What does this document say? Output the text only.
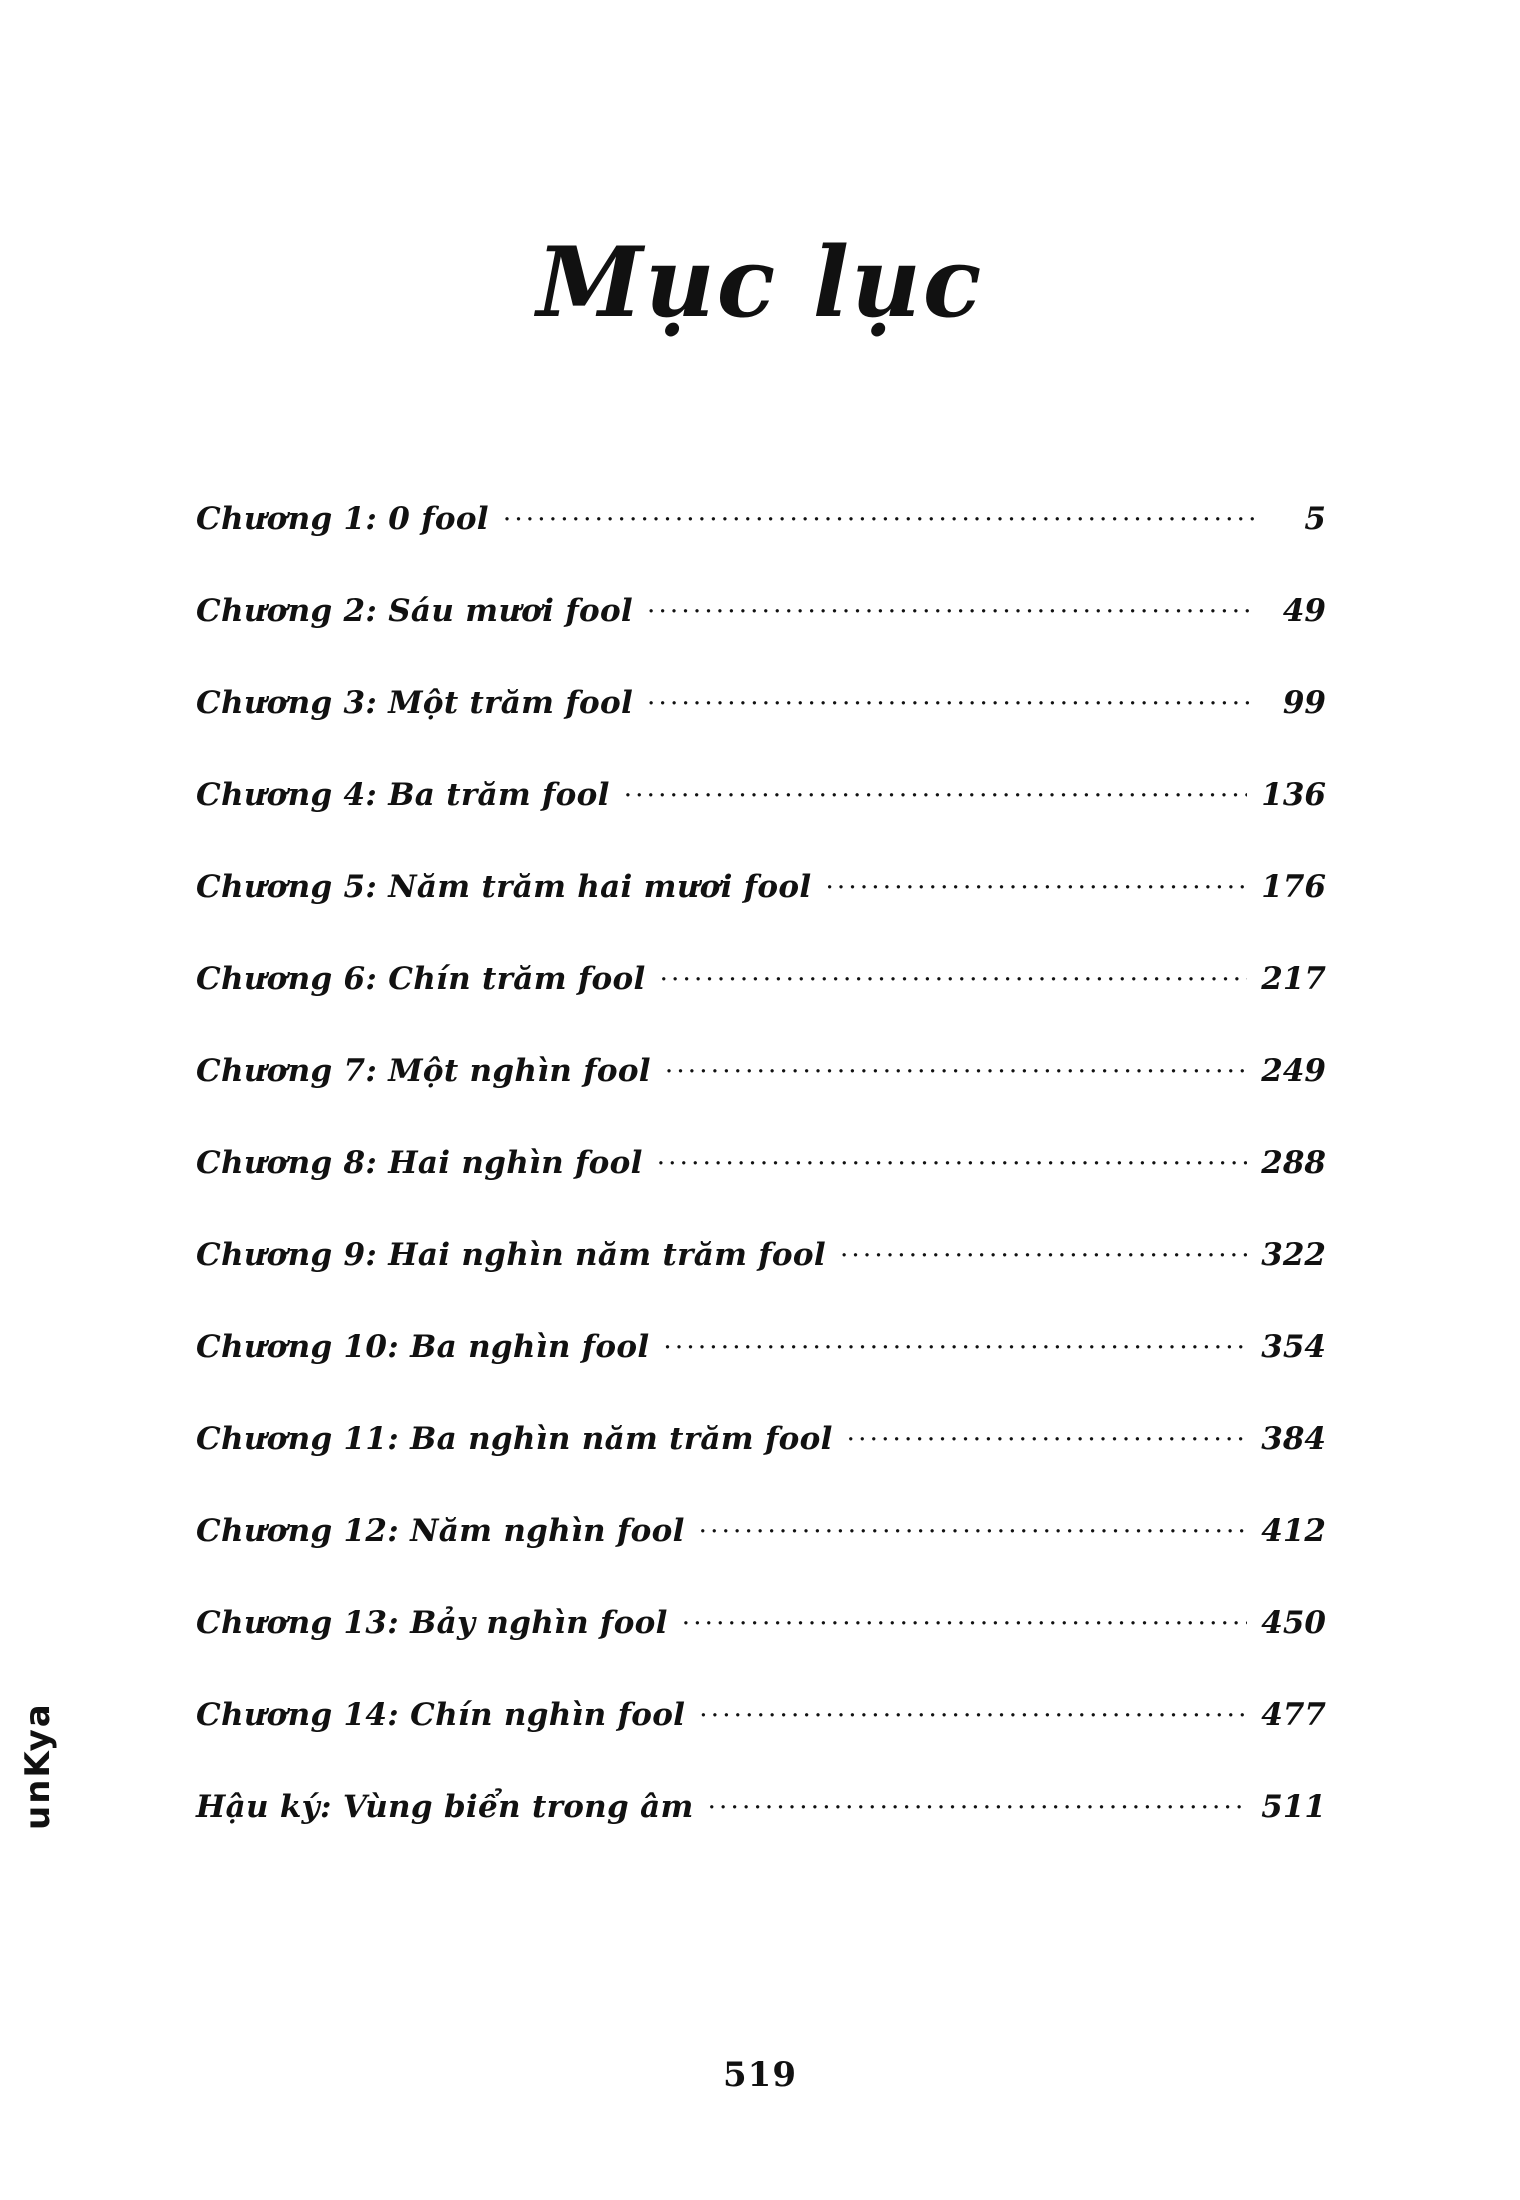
Mục lục
Chương 1: 0 fool .....	5
Chương 2: Sáu mươi fool .....	49
Chương 3: Một trăm fool .....	99
Chương 4: Ba trăm fool .....	136
Chương 5: Năm trăm hai mươi fool .....	176
Chương 6: Chín trăm fool .....	217
Chương 7: Một nghìn fool .....	249
Chương 8: Hai nghìn fool .....	288
Chương 9: Hai nghìn năm trăm fool .....	322
Chương 10: Ba nghìn fool .....	354
Chương 11: Ba nghìn năm trăm fool .....	384
Chương 12: Năm nghìn fool .....	412
Chương 13: Bảy nghìn fool .....	450
Chương 14: Chín nghìn fool .....	477
Hậu ký: Vùng biển trong âm .....	511
unKya
519
